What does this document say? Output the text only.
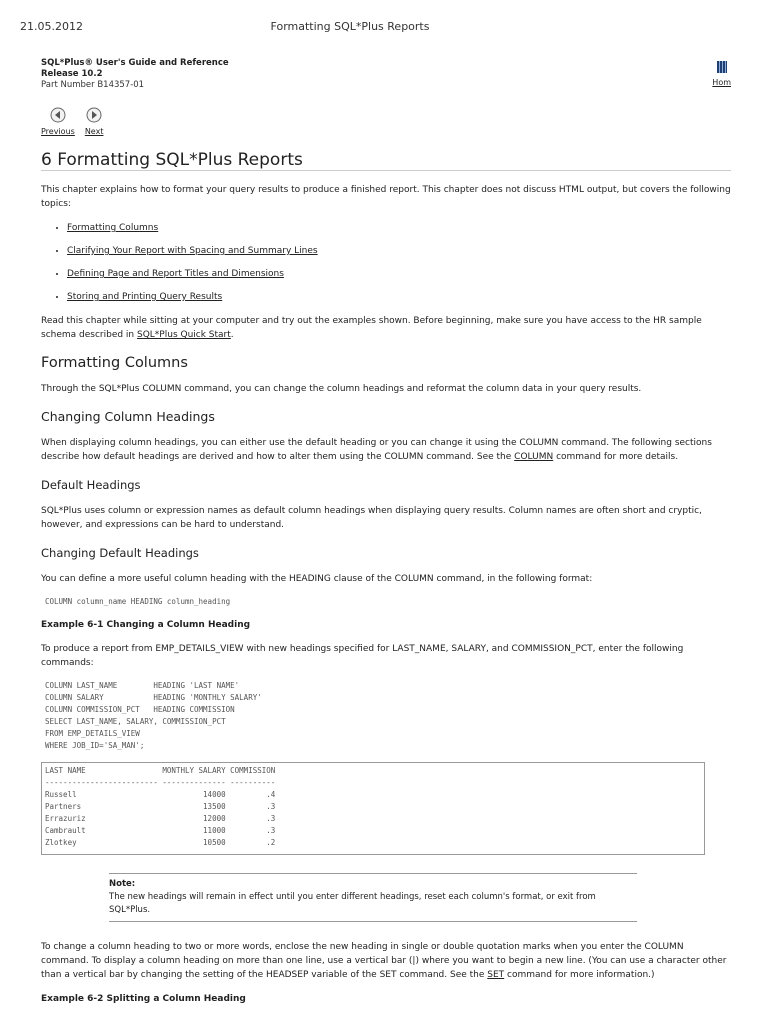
21.05.2012	Formatting SQL*Plus Reports
Hom
SQL*Plus® User's Guide and Reference
Release 10.2
Part Number B14357-01
Previous Next
6 Formatting SQL*Plus Reports

This chapter explains how to format your query results to produce a finished report. This chapter does not discuss HTML output, but covers the following topics:

• Formatting Columns
• Clarifying Your Report with Spacing and Summary Lines
• Defining Page and Report Titles and Dimensions
• Storing and Printing Query Results

Read this chapter while sitting at your computer and try out the examples shown. Before beginning, make sure you have access to the HR sample schema described in SQL*Plus Quick Start.

Formatting Columns

Through the SQL*Plus COLUMN command, you can change the column headings and reformat the column data in your query results.

Changing Column Headings

When displaying column headings, you can either use the default heading or you can change it using the COLUMN command. The following sections describe how default headings are derived and how to alter them using the COLUMN command. See the COLUMN command for more details.

Default Headings

SQL*Plus uses column or expression names as default column headings when displaying query results. Column names are often short and cryptic, however, and expressions can be hard to understand.

Changing Default Headings

You can define a more useful column heading with the HEADING clause of the COLUMN command, in the following format:

COLUMN column_name HEADING column_heading
Example 6-1 Changing a Column Heading

To produce a report from EMP_DETAILS_VIEW with new headings specified for LAST_NAME, SALARY, and COMMISSION_PCT, enter the following commands:

COLUMN LAST_NAME        HEADING 'LAST NAME'
COLUMN SALARY           HEADING 'MONTHLY SALARY'
COLUMN COMMISSION_PCT   HEADING COMMISSION
SELECT LAST_NAME, SALARY, COMMISSION_PCT
FROM EMP_DETAILS_VIEW
WHERE JOB_ID='SA_MAN';
LAST NAME                 MONTHLY SALARY COMMISSION
------------------------- -------------- ----------
Russell                            14000         .4
Partners                           13500         .3
Errazuriz                          12000         .3
Cambrault                          11000         .3
Zlotkey                            10500         .2
Note:
The new headings will remain in effect until you enter different headings, reset each column's format, or exit from SQL*Plus.

To change a column heading to two or more words, enclose the new heading in single or double quotation marks when you enter the COLUMN command. To display a column heading on more than one line, use a vertical bar (|) where you want to begin a new line. (You can use a character other than a vertical bar by changing the setting of the HEADSEP variable of the SET command. See the SET command for more information.)

Example 6-2 Splitting a Column Heading
